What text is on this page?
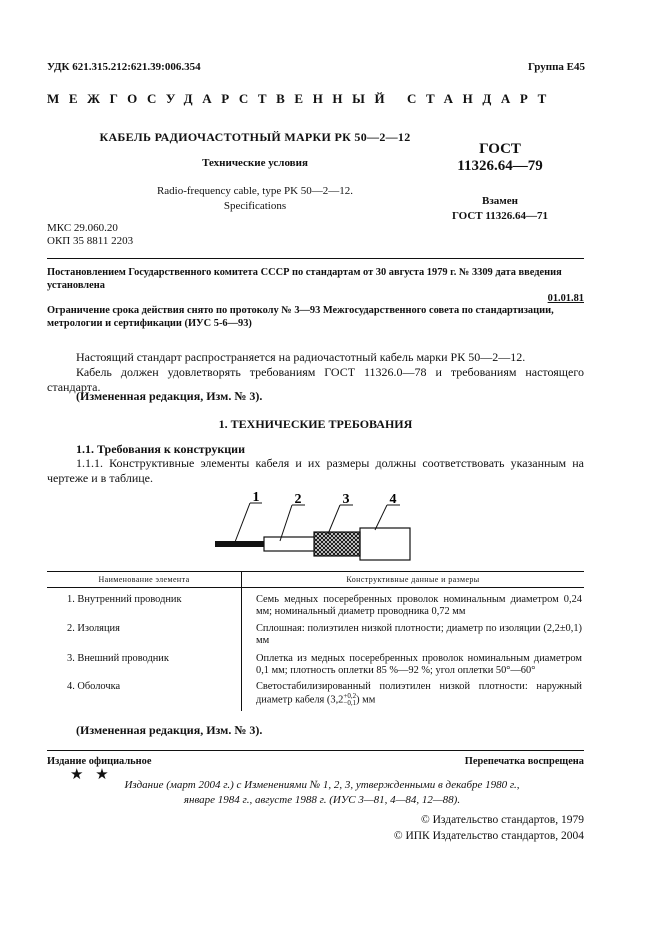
УДК 621.315.212:621.39:006.354	Группа Е45
МЕЖГОСУДАРСТВЕННЫЙ СТАНДАРТ
КАБЕЛЬ РАДИОЧАСТОТНЫЙ МАРКИ РК 50—2—12
Технические условия
Radio-frequency cable, type PK 50—2—12.
Specifications
ГОСТ
11326.64—79
Взамен
ГОСТ 11326.64—71
МКС 29.060.20
ОКП 35 8811 2203
Постановлением Государственного комитета СССР по стандартам от 30 августа 1979 г. № 3309 дата введения установлена
01.01.81
Ограничение срока действия снято по протоколу № 3—93 Межгосударственного совета по стандартизации, метрологии и сертификации (ИУС 5-6—93)
Настоящий стандарт распространяется на радиочастотный кабель марки РК 50—2—12.
Кабель должен удовлетворять требованиям ГОСТ 11326.0—78 и требованиям настоящего стандарта.
(Измененная редакция, Изм. № 3).
1. ТЕХНИЧЕСКИЕ ТРЕБОВАНИЯ
1.1. Требования к конструкции
1.1.1. Конструктивные элементы кабеля и их размеры должны соответствовать указанным на чертеже и в таблице.
1	2	3	4
Наименование элемента	Конструктивные данные и размеры
1. Внутренний проводник	Семь медных посеребренных проволок номинальным диаметром 0,24 мм; номинальный диаметр проводника 0,72 мм
2. Изоляция	Сплошная: полиэтилен низкой плотности; диаметр по изоляции (2,2±0,1) мм
3. Внешний проводник	Оплетка из медных посеребренных проволок номинальным диаметром 0,1 мм; плотность оплетки 85 %—92 %; угол оплетки 50°—60°
4. Оболочка	Светостабилизированный полиэтилен низкой плотности: наружный диаметр кабеля (3,2 +0,2
−0,1 ) мм
(Измененная редакция, Изм. № 3).
Издание официальное	Перепечатка воспрещена
★ ★
Издание (март 2004 г.) с Изменениями № 1, 2, 3, утвержденными в декабре 1980 г.,
январе 1984 г., августе 1988 г. (ИУС 3—81, 4—84, 12—88).
© Издательство стандартов, 1979
© ИПК Издательство стандартов, 2004
